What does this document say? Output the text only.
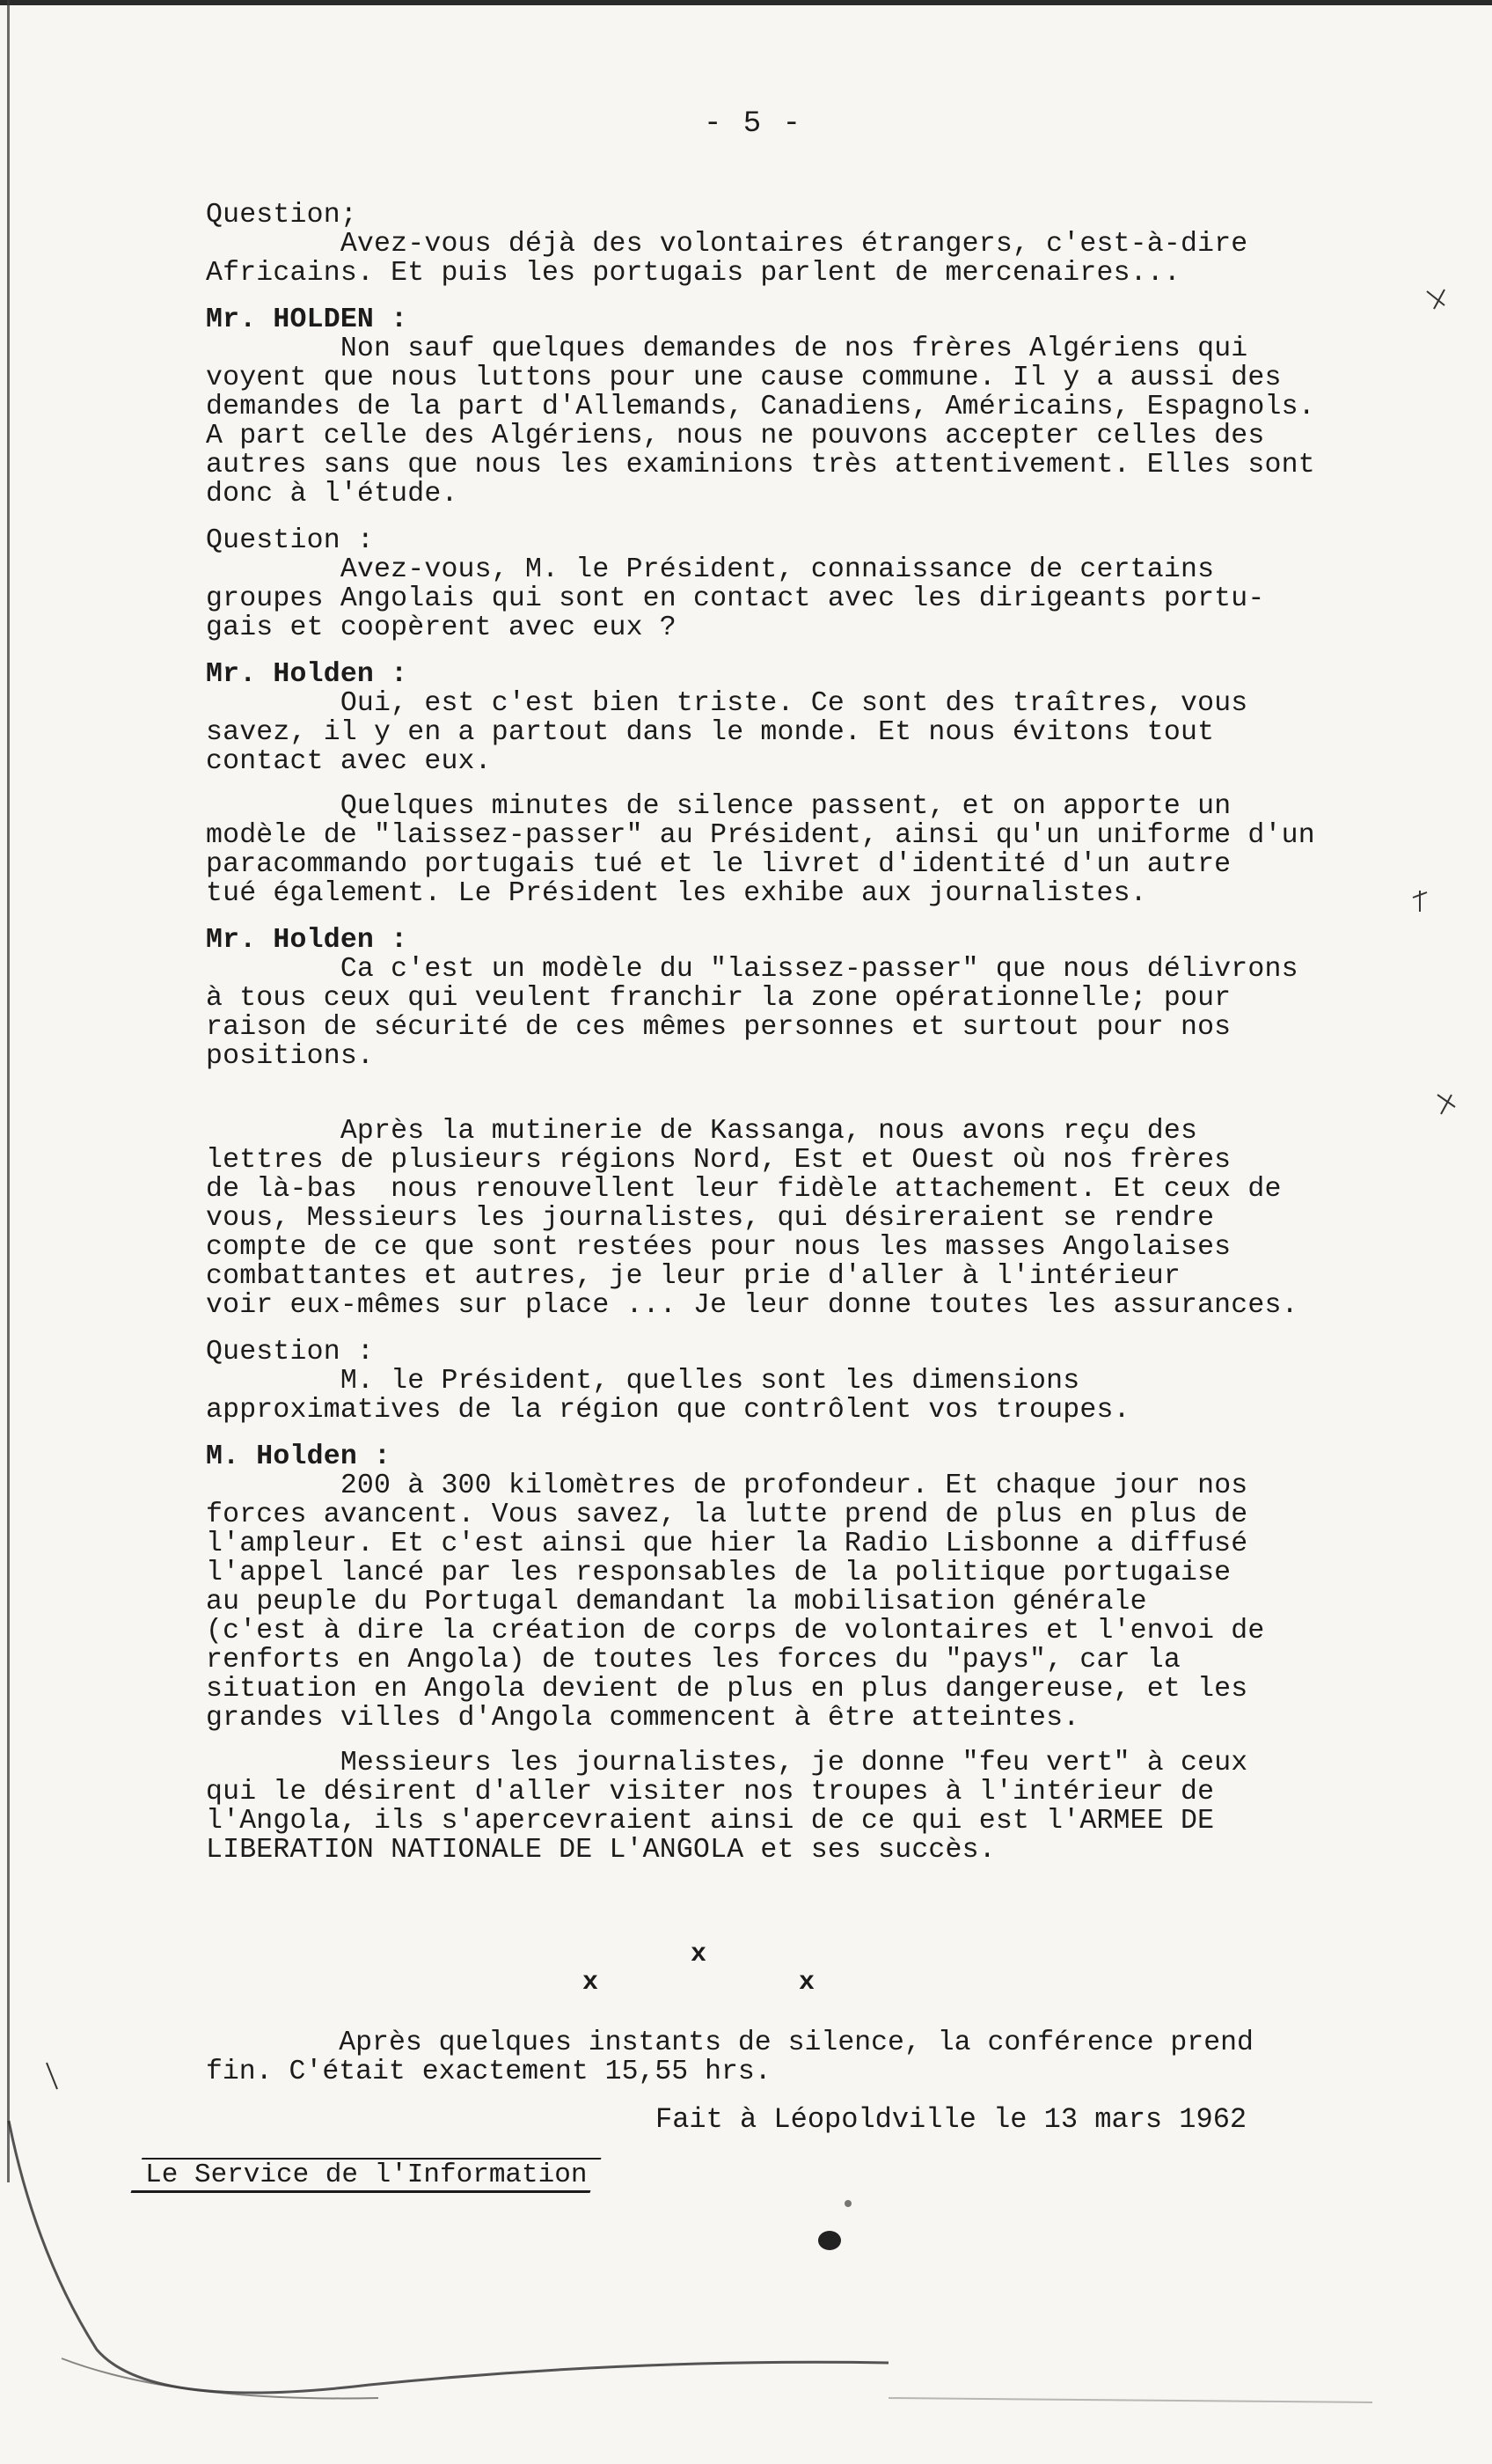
- 5 -

Question;

Avez-vous déjà des volontaires étrangers, c'est-à-dire
Africains. Et puis les portugais parlent de mercenaires...

Mr. HOLDEN :

Non sauf quelques demandes de nos frères Algériens qui
voyent que nous luttons pour une cause commune. Il y a aussi des
demandes de la part d'Allemands, Canadiens, Américains, Espagnols.
A part celle des Algériens, nous ne pouvons accepter celles des
autres sans que nous les examinions très attentivement. Elles sont
donc à l'étude.

Question :

Avez-vous, M. le Président, connaissance de certains
groupes Angolais qui sont en contact avec les dirigeants portu-
gais et coopèrent avec eux ?

Mr. Holden :

Oui, est c'est bien triste. Ce sont des traîtres, vous
savez, il y en a partout dans le monde. Et nous évitons tout
contact avec eux.
Quelques minutes de silence passent, et on apporte un
modèle de "laissez-passer" au Président, ainsi qu'un uniforme d'un
paracommando portugais tué et le livret d'identité d'un autre
tué également. Le Président les exhibe aux journalistes.

Mr. Holden :

Ca c'est un modèle du "laissez-passer" que nous délivrons
à tous ceux qui veulent franchir la zone opérationnelle; pour
raison de sécurité de ces mêmes personnes et surtout pour nos
positions.
Après la mutinerie de Kassanga, nous avons reçu des
lettres de plusieurs régions Nord, Est et Ouest où nos frères
de là-bas  nous renouvellent leur fidèle attachement. Et ceux de
vous, Messieurs les journalistes, qui désireraient se rendre
compte de ce que sont restées pour nous les masses Angolaises
combattantes et autres, je leur prie d'aller à l'intérieur
voir eux-mêmes sur place ... Je leur donne toutes les assurances.

Question :

M. le Président, quelles sont les dimensions
approximatives de la région que contrôlent vos troupes.

M. Holden :

200 à 300 kilomètres de profondeur. Et chaque jour nos
forces avancent. Vous savez, la lutte prend de plus en plus de
l'ampleur. Et c'est ainsi que hier la Radio Lisbonne a diffusé
l'appel lancé par les responsables de la politique portugaise
au peuple du Portugal demandant la mobilisation générale
(c'est à dire la création de corps de volontaires et l'envoi de
renforts en Angola) de toutes les forces du "pays", car la
situation en Angola devient de plus en plus dangereuse, et les
grandes villes d'Angola commencent à être atteintes.
Messieurs les journalistes, je donne "feu vert" à ceux
qui le désirent d'aller visiter nos troupes à l'intérieur de
l'Angola, ils s'apercevraient ainsi de ce qui est l'ARMEE DE
LIBERATION NATIONALE DE L'ANGOLA et ses succès.
x
x	x
Après quelques instants de silence, la conférence prend
fin. C'était exactement 15,55 hrs.
Fait à Léopoldville le 13 mars 1962
Le Service de l'Information
